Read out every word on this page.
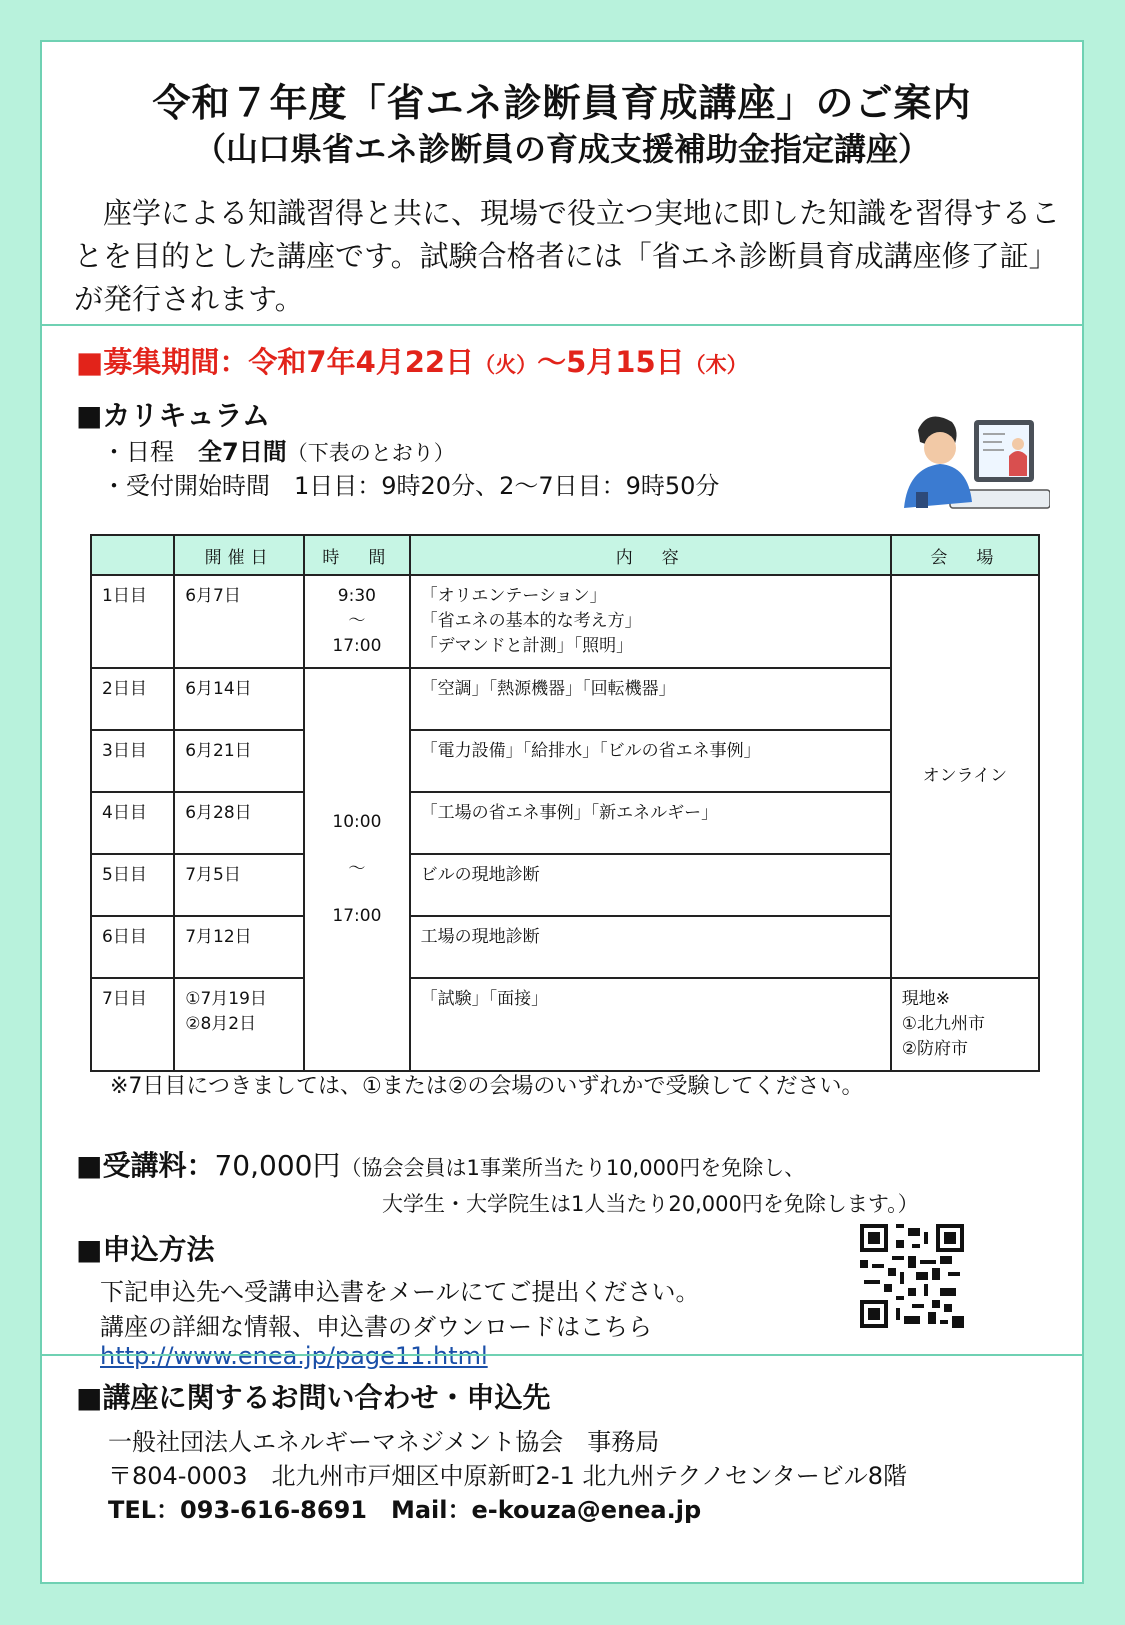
令和７年度「省エネ診断員育成講座」のご案内
（山口県省エネ診断員の育成支援補助金指定講座）
　座学による知識習得と共に、現場で役立つ実地に即した知識を習得することを目的とした講座です。試験合格者には「省エネ診断員育成講座修了証」が発行されます。
■募集期間：令和7年4月22日（火）～5月15日（木）
■カリキュラム
・日程　全7日間（下表のとおり）
・受付開始時間　1日目：9時20分、2～7日目：9時50分
	開催日	時　間	内　容	会　場
1日目	6月7日	9:30
～
17:00	「オリエンテーション」
「省エネの基本的な考え方」
「デマンドと計測」「照明」	オンライン
2日目	6月14日	10:00
～
17:00	「空調」「熱源機器」「回転機器」	
3日目	6月21日		「電力設備」「給排水」「ビルの省エネ事例」	
4日目	6月28日		「工場の省エネ事例」「新エネルギー」	
5日目	7月5日		ビルの現地診断	
6日目	7月12日		工場の現地診断	
7日目	①7月19日
②8月2日		「試験」「面接」	現地※
①北九州市
②防府市
※7日目につきましては、①または②の会場のいずれかで受験してください。
■受講料：70,000円（協会会員は1事業所当たり10,000円を免除し、
大学生・大学院生は1人当たり20,000円を免除します。）
■申込方法
下記申込先へ受講申込書をメールにてご提出ください。
講座の詳細な情報、申込書のダウンロードはこちら
http://www.enea.jp/page11.html
■講座に関するお問い合わせ・申込先
一般社団法人エネルギーマネジメント協会　事務局
〒804-0003　北九州市戸畑区中原新町2-1 北九州テクノセンタービル8階
TEL：093-616-8691　Mail：e-kouza@enea.jp
